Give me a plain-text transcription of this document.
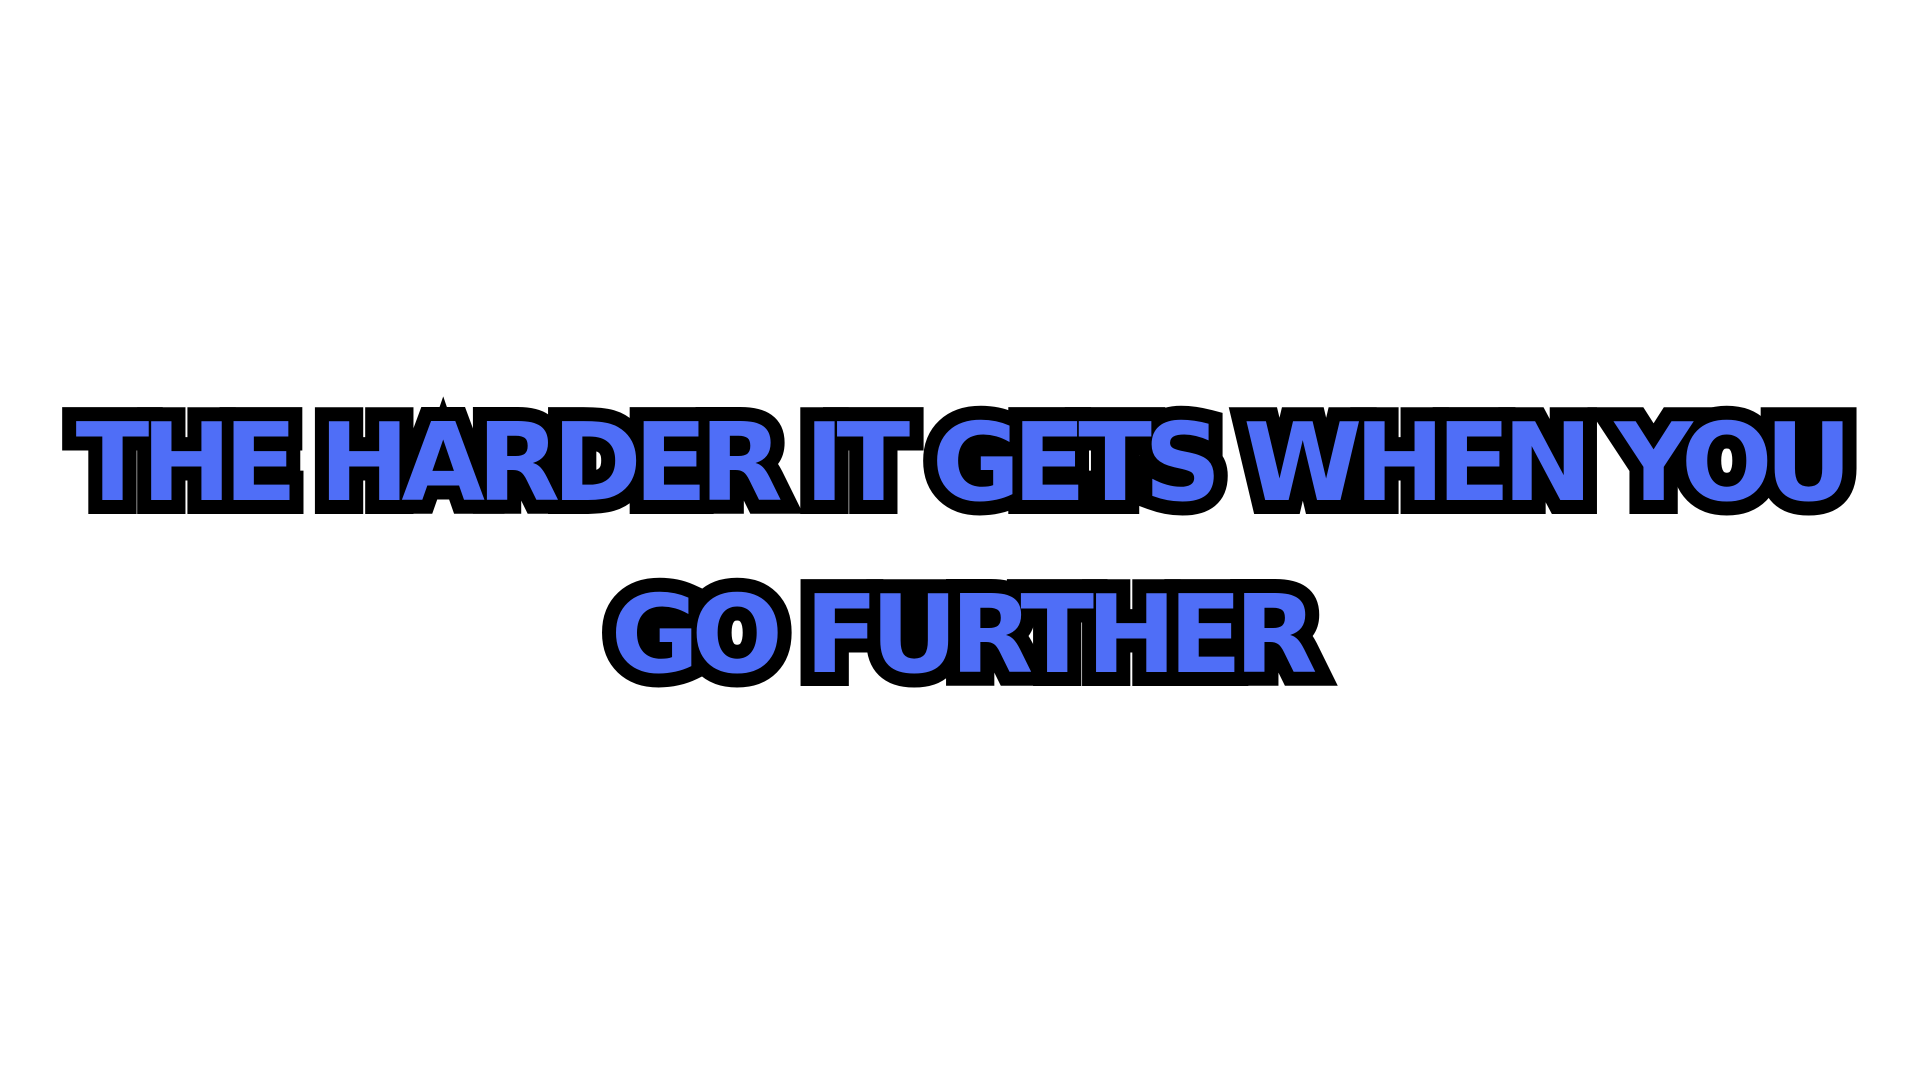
THE HARDER IT GETS WHEN YOU
GO FURTHER
